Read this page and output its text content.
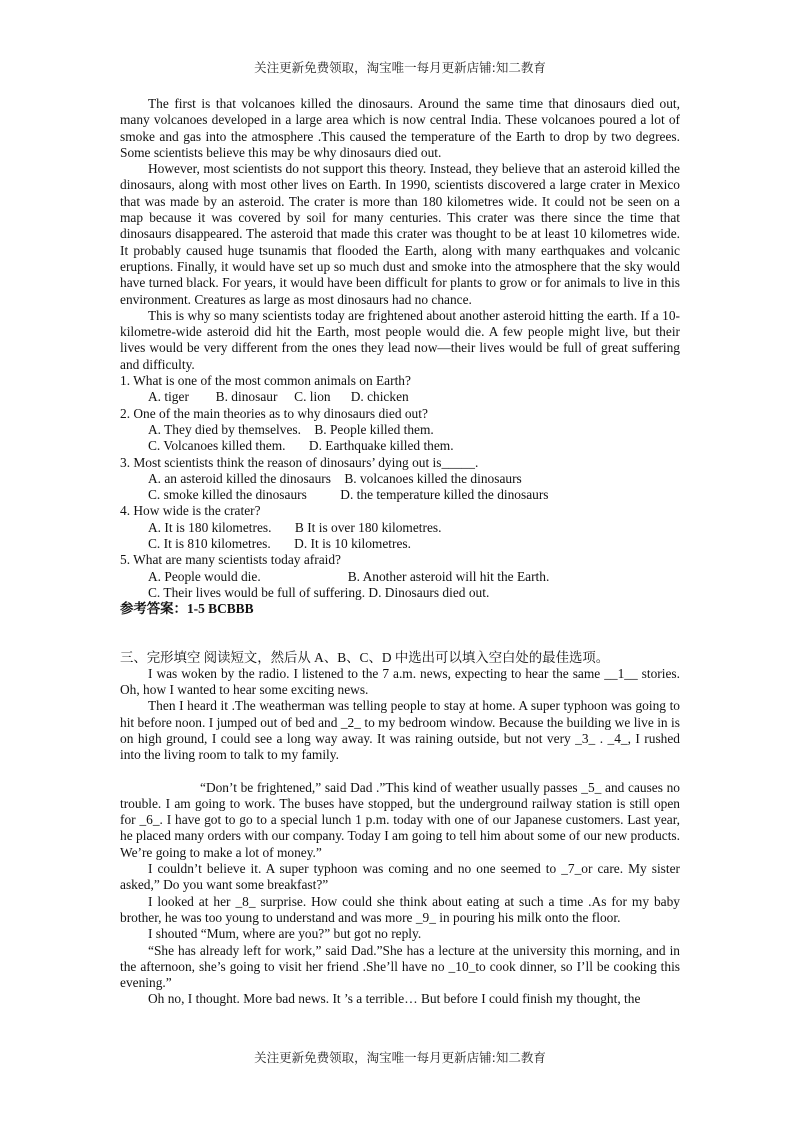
关注更新免费领取，淘宝唯一每月更新店铺:知二教育

The first is that volcanoes killed the dinosaurs. Around the same time that dinosaurs died out, many volcanoes developed in a large area which is now central India. These volcanoes poured a lot of smoke and gas into the atmosphere .This caused the temperature of the Earth to drop by two degrees. Some scientists believe this may be why dinosaurs died out.

However, most scientists do not support this theory. Instead, they believe that an asteroid killed the dinosaurs, along with most other lives on Earth. In 1990, scientists discovered a large crater in Mexico that was made by an asteroid. The crater is more than 180 kilometres wide. It could not be seen on a map because it was covered by soil for many centuries. This crater was there since the time that dinosaurs disappeared. The asteroid that made this crater was thought to be at least 10 kilometres wide. It probably caused huge tsunamis that flooded the Earth, along with many earthquakes and volcanic eruptions. Finally, it would have set up so much dust and smoke into the atmosphere that the sky would have turned black. For years, it would have been difficult for plants to grow or for animals to live in this environment. Creatures as large as most dinosaurs had no chance.

This is why so many scientists today are frightened about another asteroid hitting the earth. If a 10-kilometre-wide asteroid did hit the Earth, most people would die. A few people might live, but their lives would be very different from the ones they lead now—their lives would be full of great suffering and difficulty.

1. What is one of the most common animals on Earth?

A. tiger        B. dinosaur     C. lion      D. chicken

2. One of the main theories as to why dinosaurs died out?

A. They died by themselves.    B. People killed them.

C. Volcanoes killed them.       D. Earthquake killed them.

3. Most scientists think the reason of dinosaurs’ dying out is_____.

A. an asteroid killed the dinosaurs    B. volcanoes killed the dinosaurs

C. smoke killed the dinosaurs          D. the temperature killed the dinosaurs

4. How wide is the crater?

A. It is 180 kilometres.       B It is over 180 kilometres.

C. It is 810 kilometres.       D. It is 10 kilometres.

5. What are many scientists today afraid?

A. People would die.                          B. Another asteroid will hit the Earth.

C. Their lives would be full of suffering. D. Dinosaurs died out.

参考答案：1-5 BCBBB

三、完形填空 阅读短文，然后从 A、B、C、D 中选出可以填入空白处的最佳选项。

I was woken by the radio. I listened to the 7 a.m. news, expecting to hear the same __1__ stories. Oh, how I wanted to hear some exciting news.

Then I heard it .The weatherman was telling people to stay at home. A super typhoon was going to hit before noon. I jumped out of bed and _2_ to my bedroom window. Because the building we live in is on high ground, I could see a long way away. It was raining outside, but not very _3_ . _4_, I rushed into the living room to talk to my family.

“Don’t be frightened,” said Dad .”This kind of weather usually passes _5_ and causes no trouble. I am going to work. The buses have stopped, but the underground railway station is still open for _6_. I have got to go to a special lunch 1 p.m. today with one of our Japanese customers. Last year, he placed many orders with our company. Today I am going to tell him about some of our new products. We’re going to make a lot of money.”

I couldn’t believe it. A super typhoon was coming and no one seemed to _7_or care. My sister asked,” Do you want some breakfast?”

I looked at her _8_ surprise. How could she think about eating at such a time .As for my baby brother, he was too young to understand and was more _9_ in pouring his milk onto the floor.

I shouted “Mum, where are you?” but got no reply.

“She has already left for work,” said Dad.”She has a lecture at the university this morning, and in the afternoon, she’s going to visit her friend .She’ll have no _10_to cook dinner, so I’ll be cooking this evening.”

Oh no, I thought. More bad news. It ’s a terrible… But before I could finish my thought, the

关注更新免费领取，淘宝唯一每月更新店铺:知二教育
